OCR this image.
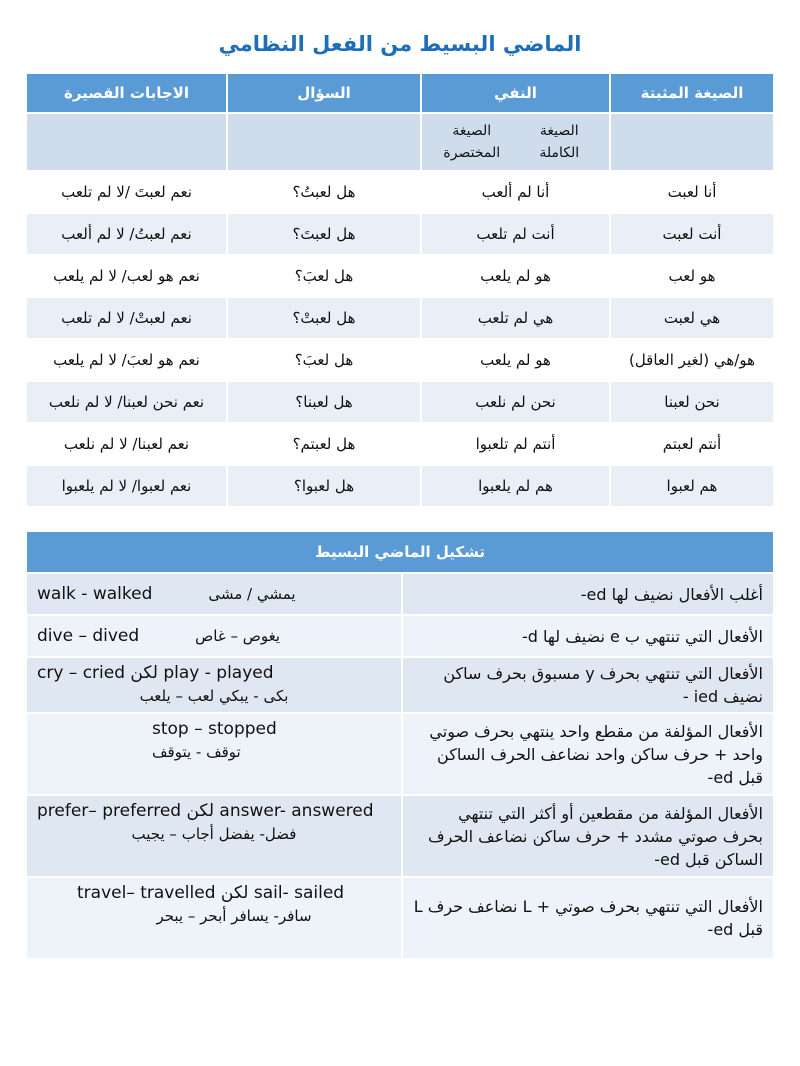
الماضي البسيط من الفعل النظامي
الصيغة المثبتة	النفي	السؤال	الاجابات القصيرة

	الصيغة الكاملة
الصيغة المختصرة		

أنا لعبت	أنا لم ألعب	هل لعبتُ؟	نعم لعبتَ /لا لم تلعب
أنت لعبت	أنت لم تلعب	هل لعبتَ؟	نعم لعبتُ/ لا لم ألعب
هو لعب	هو لم يلعب	هل لعبَ؟	نعم هو لعب/ لا لم يلعب
هي لعبت	هي لم تلعب	هل لعبتْ؟	نعم لعبتْ/ لا لم تلعب
هو/هي (لغير العاقل)	هو لم يلعب	هل لعبَ؟	نعم هو لعبَ/ لا لم يلعب
نحن لعبنا	نحن لم نلعب	هل لعبنا؟	نعم نحن لعبنا/ لا لم نلعب
أنتم لعبتم	أنتم لم تلعبوا	هل لعبتم؟	نعم لعبنا/ لا لم نلعب
هم لعبوا	هم لم يلعبوا	هل لعبوا؟	نعم لعبوا/ لا لم يلعبوا
تشكيل الماضي البسيط	
أغلب الأفعال نضيف لها ed-	walk - walked يمشي / مشى

الأفعال التي تنتهي ب e نضيف لها d-	dive – dived يغوص – غاص

الأفعال التي تنتهي بحرف y مسبوق بحرف ساكن نضيف ied -	cry – cried لكن play - played
بكى - يبكي لعب – يلعب

الأفعال المؤلفة من مقطع واحد ينتهي بحرف صوتي واحد + حرف ساكن واحد نضاعف الحرف الساكن قبل ed-	stop – stopped
توقف - يتوقف

الأفعال المؤلفة من مقطعين أو أكثر التي تنتهي بحرف صوتي مشدد + حرف ساكن نضاعف الحرف الساكن قبل ed-	prefer– preferred لكن answer- answered
فضل- يفضل أجاب – يجيب

الأفعال التي تنتهي بحرف صوتي + L نضاعف حرف L قبل ed-	travel– travelled لكن sail- sailed
سافر- يسافر أبحر – يبحر
